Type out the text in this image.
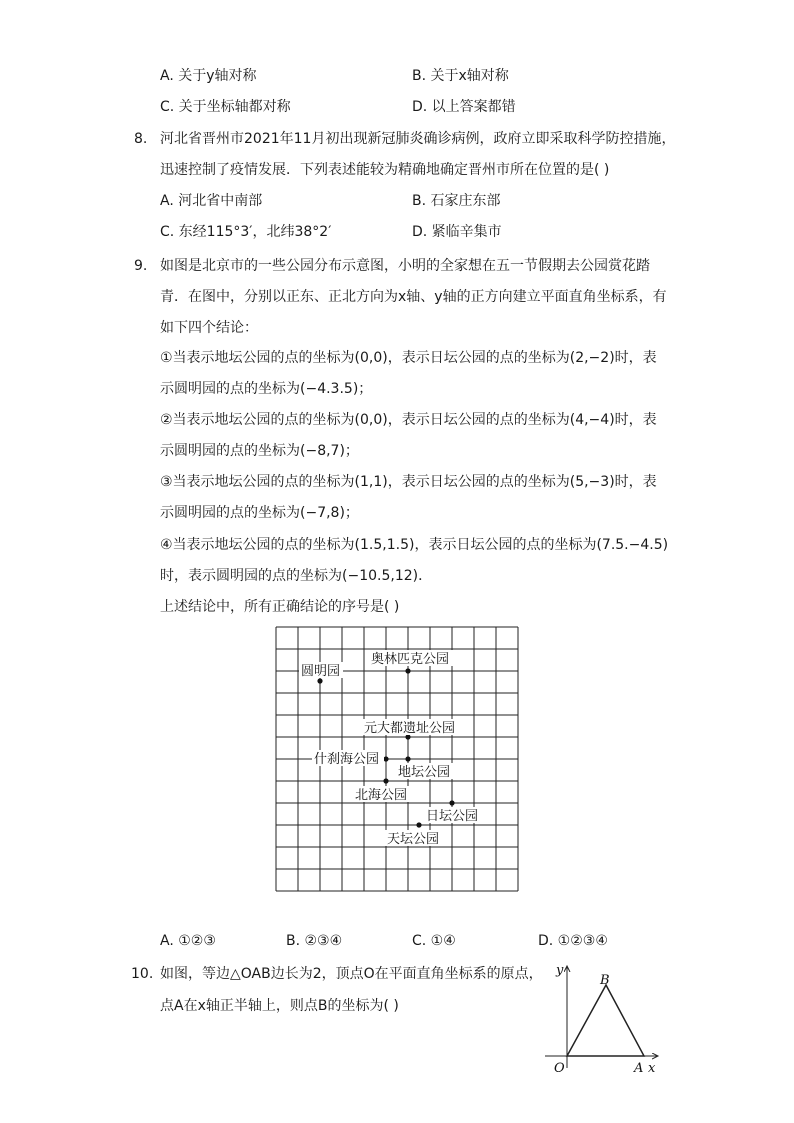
A. 关于y轴对称	B. 关于x轴对称
C. 关于坐标轴都对称	D. 以上答案都错
8. 河北省晋州市2021年11月初出现新冠肺炎确诊病例，政府立即采取科学防控措施，
迅速控制了疫情发展．下列表述能较为精确地确定晋州市所在位置的是( )
A. 河北省中南部	B. 石家庄东部
C. 东经115°3′，北纬38°2′	D. 紧临辛集市
9. 如图是北京市的一些公园分布示意图，小明的全家想在五一节假期去公园赏花踏
青．在图中，分别以正东、正北方向为x轴、y轴的正方向建立平面直角坐标系，有
如下四个结论：
①当表示地坛公园的点的坐标为(0,0)，表示日坛公园的点的坐标为(2,−2)时，表
示圆明园的点的坐标为(−4.3.5)；
②当表示地坛公园的点的坐标为(0,0)，表示日坛公园的点的坐标为(4,−4)时，表
示圆明园的点的坐标为(−8,7)；
③当表示地坛公园的点的坐标为(1,1)，表示日坛公园的点的坐标为(5,−3)时，表
示圆明园的点的坐标为(−7,8)；
④当表示地坛公园的点的坐标为(1.5,1.5)，表示日坛公园的点的坐标为(7.5.−4.5)
时，表示圆明园的点的坐标为(−10.5,12)．
上述结论中，所有正确结论的序号是( )
奥林匹克公园
圆明园
元大都遗址公园
什刹海公园
地坛公园
北海公园
日坛公园
天坛公园
A. ①②③	B. ②③④	C. ①④	D. ①②③④
10. 如图，等边△OAB边长为2，顶点O在平面直角坐标系的原点，
点A在x轴正半轴上，则点B的坐标为( )
y
B
O	A x
